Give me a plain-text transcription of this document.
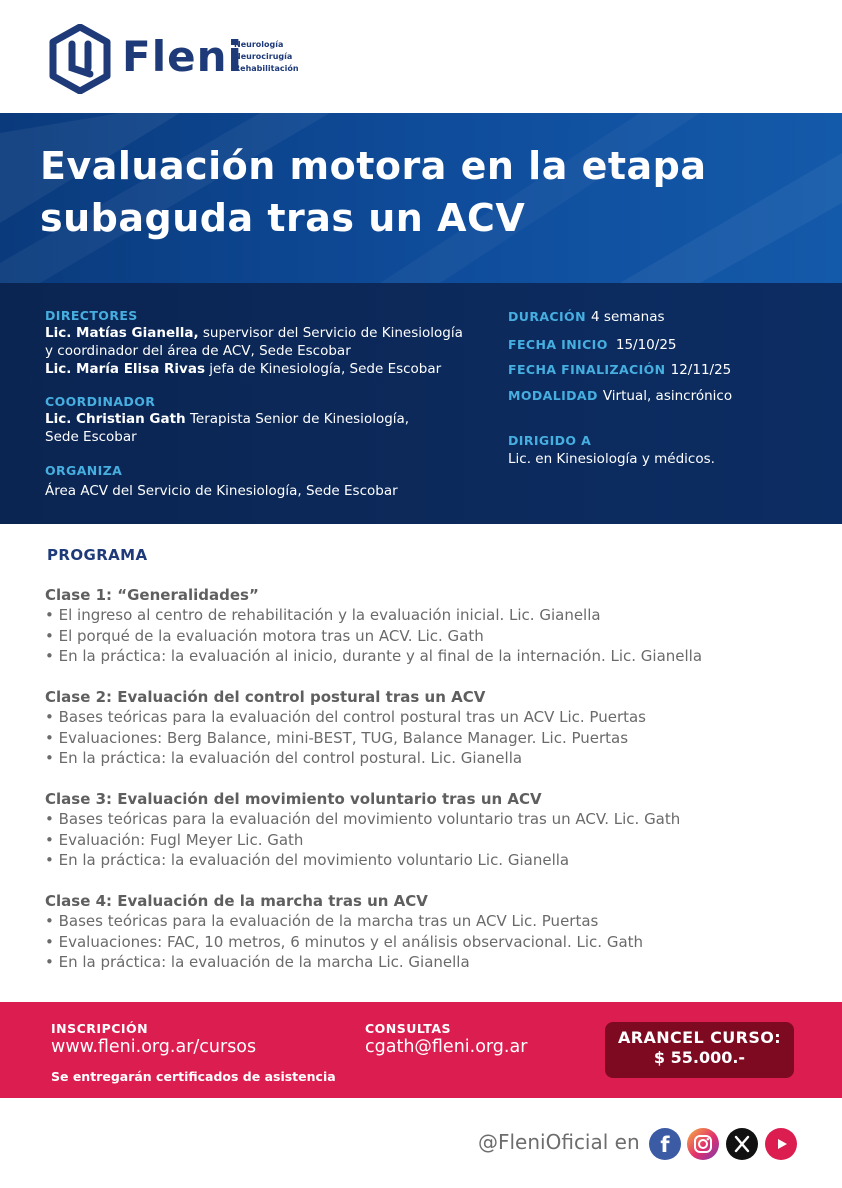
Fleni
Neurología
Neurocirugía
Rehabilitación
Evaluación motora en la etapa
subaguda tras un ACV
DIRECTORES
Lic. Matías Gianella, supervisor del Servicio de Kinesiología
y coordinador del área de ACV, Sede Escobar
Lic. María Elisa Rivas jefa de Kinesiología, Sede Escobar
COORDINADOR
Lic. Christian Gath Terapista Senior de Kinesiología,
Sede Escobar
ORGANIZA
Área ACV del Servicio de Kinesiología, Sede Escobar
DURACIÓN 4 semanas
FECHA INICIO 15/10/25
FECHA FINALIZACIÓN 12/11/25
MODALIDAD Virtual, asincrónico
DIRIGIDO A
Lic. en Kinesiología y médicos.
PROGRAMA
Clase 1: “Generalidades”
• El ingreso al centro de rehabilitación y la evaluación inicial. Lic. Gianella
• El porqué de la evaluación motora tras un ACV. Lic. Gath
• En la práctica: la evaluación al inicio, durante y al final de la internación. Lic. Gianella
Clase 2: Evaluación del control postural tras un ACV
• Bases teóricas para la evaluación del control postural tras un ACV Lic. Puertas
• Evaluaciones: Berg Balance, mini-BEST, TUG, Balance Manager. Lic. Puertas
• En la práctica: la evaluación del control postural. Lic. Gianella
Clase 3: Evaluación del movimiento voluntario tras un ACV
• Bases teóricas para la evaluación del movimiento voluntario tras un ACV. Lic. Gath
• Evaluación: Fugl Meyer Lic. Gath
• En la práctica: la evaluación del movimiento voluntario Lic. Gianella
Clase 4: Evaluación de la marcha tras un ACV
• Bases teóricas para la evaluación de la marcha tras un ACV Lic. Puertas
• Evaluaciones: FAC, 10 metros, 6 minutos y el análisis observacional. Lic. Gath
• En la práctica: la evaluación de la marcha Lic. Gianella
INSCRIPCIÓN
www.fleni.org.ar/cursos
Se entregarán certificados de asistencia
CONSULTAS
cgath@fleni.org.ar	ARANCEL CURSO:
$ 55.000.-
@FleniOficial en f
